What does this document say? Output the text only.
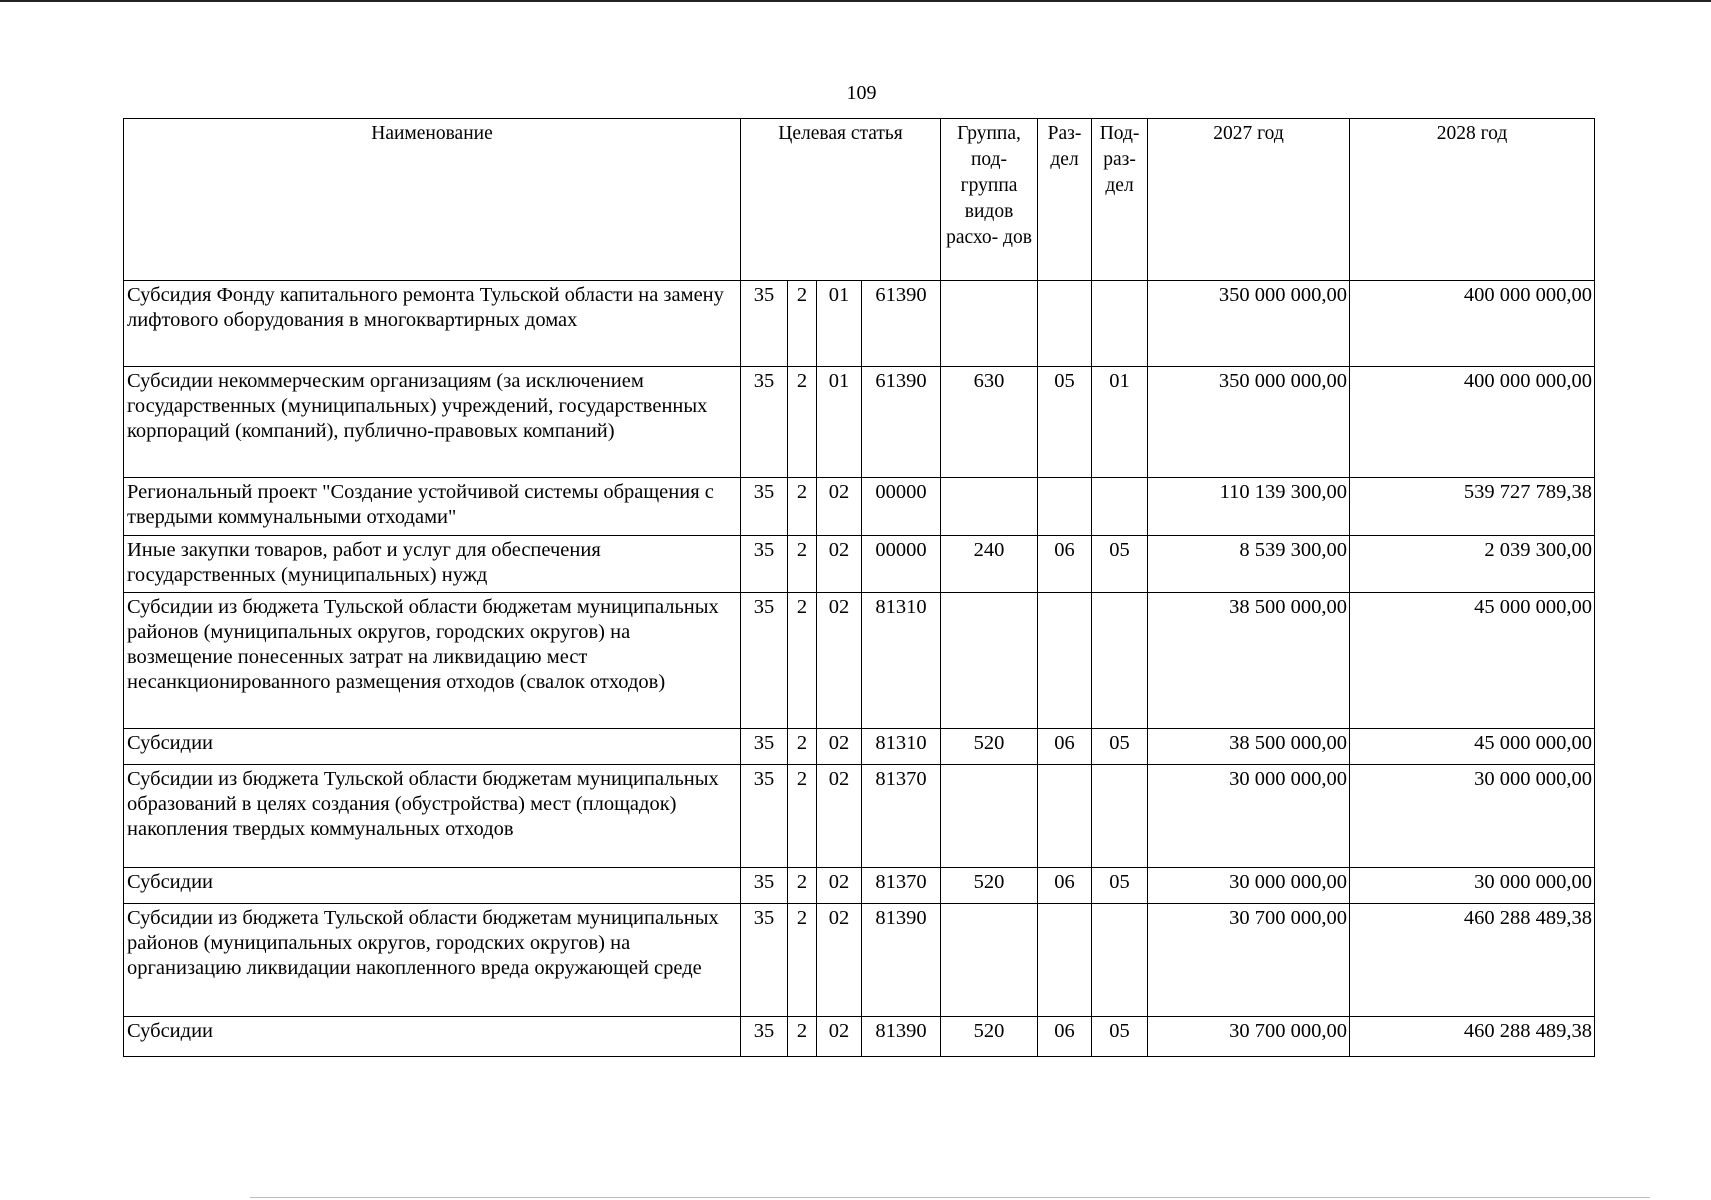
109
Наименование	Целевая статья				Группа, под- группа видов расхо- дов	Раз- дел	Под- раз- дел	2027 год	2028 год
Субсидия Фонду капитального ремонта Тульской области на замену лифтового оборудования в многоквартирных домах	35	2	01	61390				350 000 000,00	400 000 000,00
Субсидии некоммерческим организациям (за исключением государственных (муниципальных) учреждений, государственных корпораций (компаний), публично-правовых компаний)	35	2	01	61390	630	05	01	350 000 000,00	400 000 000,00
Региональный проект "Создание устойчивой системы обращения с твердыми коммунальными отходами"	35	2	02	00000				110 139 300,00	539 727 789,38
Иные закупки товаров, работ и услуг для обеспечения государственных (муниципальных) нужд	35	2	02	00000	240	06	05	8 539 300,00	2 039 300,00
Субсидии из бюджета Тульской области бюджетам муниципальных районов (муниципальных округов, городских округов) на возмещение понесенных затрат на ликвидацию мест несанкционированного размещения отходов (свалок отходов)	35	2	02	81310				38 500 000,00	45 000 000,00
Субсидии	35	2	02	81310	520	06	05	38 500 000,00	45 000 000,00
Субсидии из бюджета Тульской области бюджетам муниципальных образований в целях создания (обустройства) мест (площадок) накопления твердых коммунальных отходов	35	2	02	81370				30 000 000,00	30 000 000,00
Субсидии	35	2	02	81370	520	06	05	30 000 000,00	30 000 000,00
Субсидии из бюджета Тульской области бюджетам муниципальных районов (муниципальных округов, городских округов) на организацию ликвидации накопленного вреда окружающей среде	35	2	02	81390				30 700 000,00	460 288 489,38
Субсидии	35	2	02	81390	520	06	05	30 700 000,00	460 288 489,38
